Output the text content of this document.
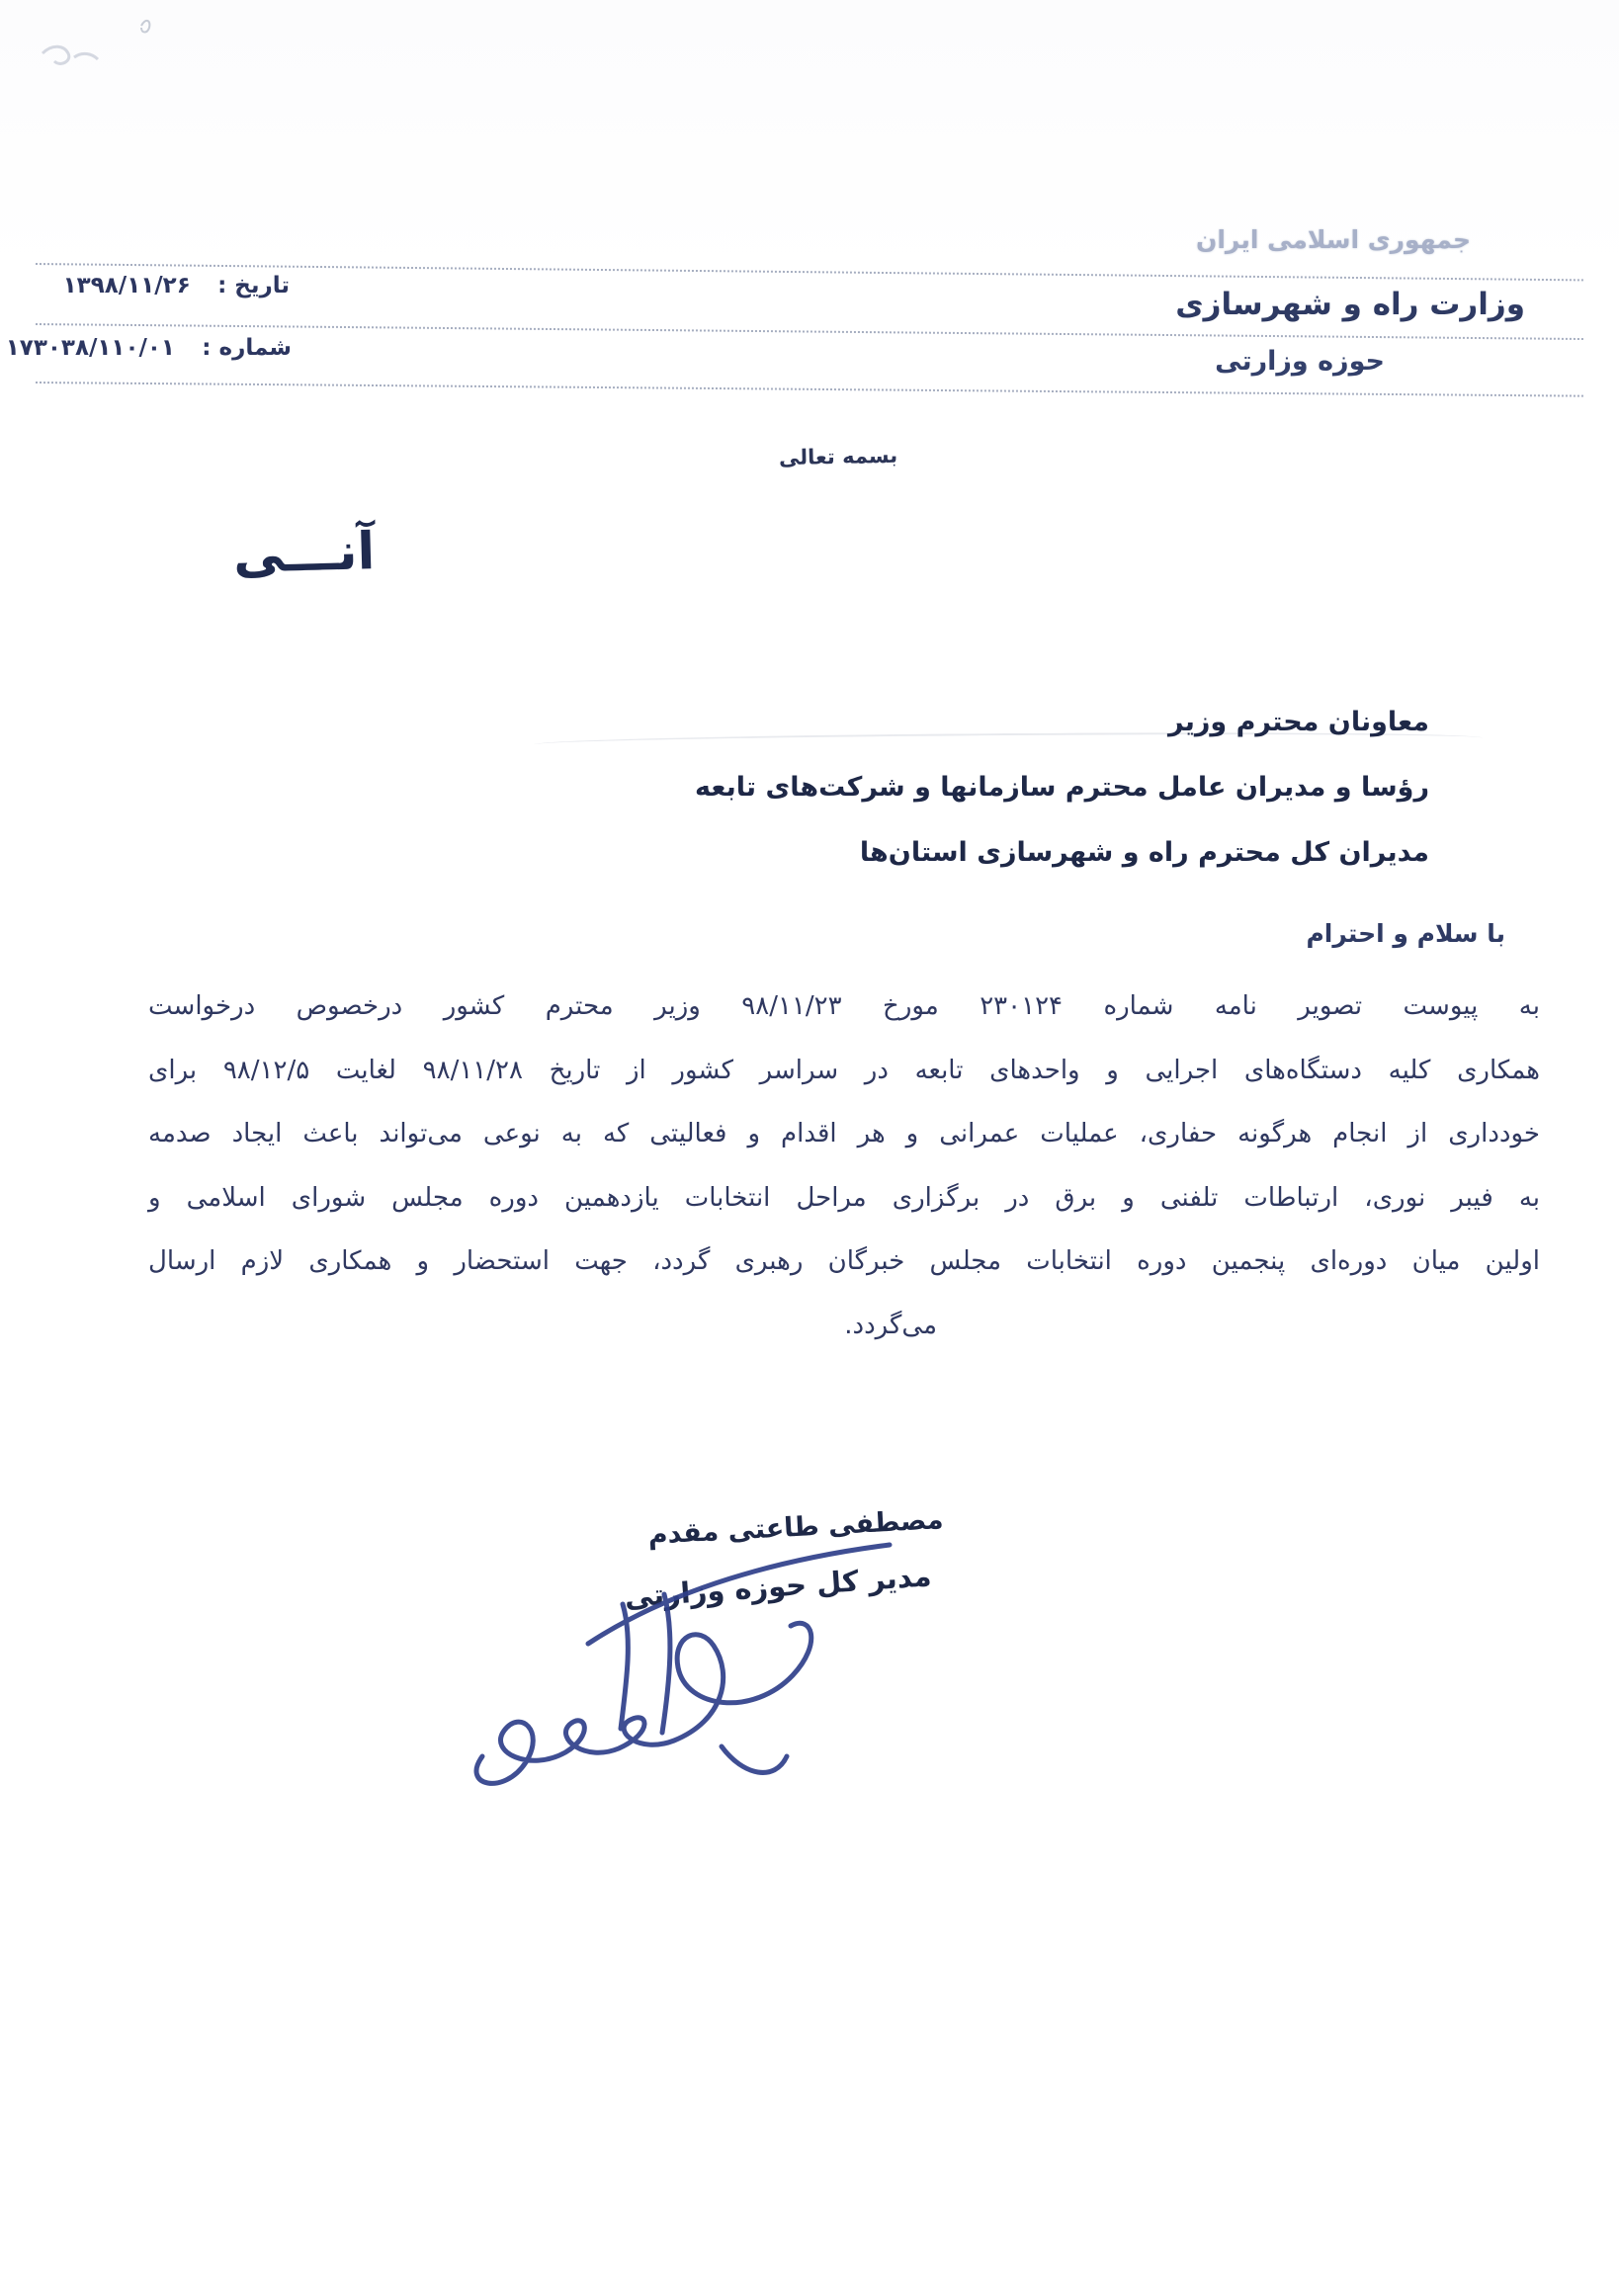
جمهوری اسلامی ایران
وزارت راه و شهرسازی
حوزه وزارتی
تاریخ : ۱۳۹۸/۱۱/۲۶
شماره : ۱۷۳۰۳۸/۱۱۰/۰۱
بسمه تعالی
آنـــی
معاونان محترم وزیر
رؤسا و مدیران عامل محترم سازمانها و شرکت‌های تابعه
مدیران کل محترم راه و شهرسازی استان‌ها
با سلام و احترام
به پیوست تصویر نامه شماره ۲۳۰۱۲۴ مورخ ۹۸/۱۱/۲۳ وزیر محترم کشور درخصوص درخواست
همکاری کلیه دستگاه‌های اجرایی و واحدهای تابعه در سراسر کشور از تاریخ ۹۸/۱۱/۲۸ لغایت ۹۸/۱۲/۵ برای
خودداری از انجام هرگونه حفاری، عملیات عمرانی و هر اقدام و فعالیتی که به نوعی می‌تواند باعث ایجاد صدمه
به فیبر نوری، ارتباطات تلفنی و برق در برگزاری مراحل انتخابات یازدهمین دوره مجلس شورای اسلامی و
اولین میان دوره‌ای پنجمین دوره انتخابات مجلس خبرگان رهبری گردد، جهت استحضار و همکاری لازم ارسال
می‌گردد.
مصطفی طاعتی مقدم
مدیر کل حوزه وزارتی
